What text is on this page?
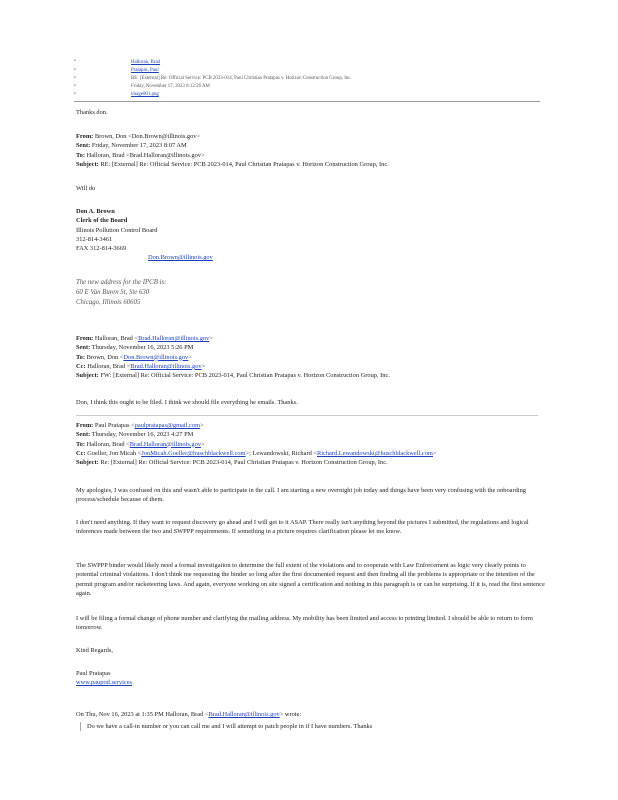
•	Halloran, Brad
•	Pratapas, Paul
•	RE: [External] Re: Official Service: PCB 2023-014, Paul Christian Pratapas v. Horizon Construction Group, Inc.
•	Friday, November 17, 2023 8:12:26 AM
•	image001.png
Thanks don.
From: Brown, Don <Don.Brown@illinois.gov>
Sent: Friday, November 17, 2023 8:07 AM
To: Halloran, Brad <Brad.Halloran@illinois.gov>
Subject: RE: [External] Re: Official Service: PCB 2023-014, Paul Christian Pratapas v. Horizon Construction Group, Inc.
Will do
Don A. Brown
Clerk of the Board
Illinois Pollution Control Board
312-814-3461
FAX 312-814-3669
Don.Brown@illinois.gov
The new address for the IPCB is:
60 E Van Buren St, Ste 630
Chicago, Illinois 60605
From: Halloran, Brad <Brad.Halloran@illinois.gov>
Sent: Thursday, November 16, 2023 5:26 PM
To: Brown, Don <Don.Brown@illinois.gov>
Cc: Halloran, Brad <Brad.Halloran@illinois.gov>
Subject: FW: [External] Re: Official Service: PCB 2023-014, Paul Christian Pratapas v. Horizon Construction Group, Inc.
Don, I think this ought to be filed. I think we should file everything he emails. Thanks.
From: Paul Pratapas <paulpratapas@gmail.com>
Sent: Thursday, November 16, 2023 4:27 PM
To: Halloran, Brad <Brad.Halloran@illinois.gov>
Cc: Goeller, Jon Micah <JonMicah.Goeller@huschblackwell.com>; Lewandowski, Richard <Richard.Lewandowski@huschblackwell.com>
Subject: Re: [External] Re: Official Service: PCB 2023-014, Paul Christian Pratapas v. Horizon Construction Group, Inc.
My apologies, I was confused on this and wasn't able to participate in the call. I am starting a new overnight job today and things have been very confusing with the onboarding process/schedule because of them.
I don't need anything. If they want to request discovery go ahead and I will get to it ASAP. There really isn't anything beyond the pictures I submitted, the regulations and logical inferences made between the two and SWPPP requirements. If something in a picture requires clarification please let me know.
The SWPPP binder would likely need a formal investigation to determine the full extent of the violations and to cooperate with Law Enforcement as logic very clearly points to potential criminal violations. I don't think me requesting the binder so long after the first documented request and then finding all the problems is appropriate or the intention of the permit program and/or racketeering laws. And again, everyone working on site signed a certification and nothing in this paragraph is or can be surprising. If it is, read the first sentence again.
I will be filing a formal change of phone number and clarifying the mailing address. My mobility has been limited and access to printing limited. I should be able to return to form tomorrow.
Kind Regards,
Paul Pratapas
www.paupod.services
On Thu, Nov 16, 2023 at 1:35 PM Halloran, Brad <Brad.Halloran@illinois.gov> wrote:
Do we have a call-in number or you can call me and I will attempt to patch people in if I have numbers. Thanks
